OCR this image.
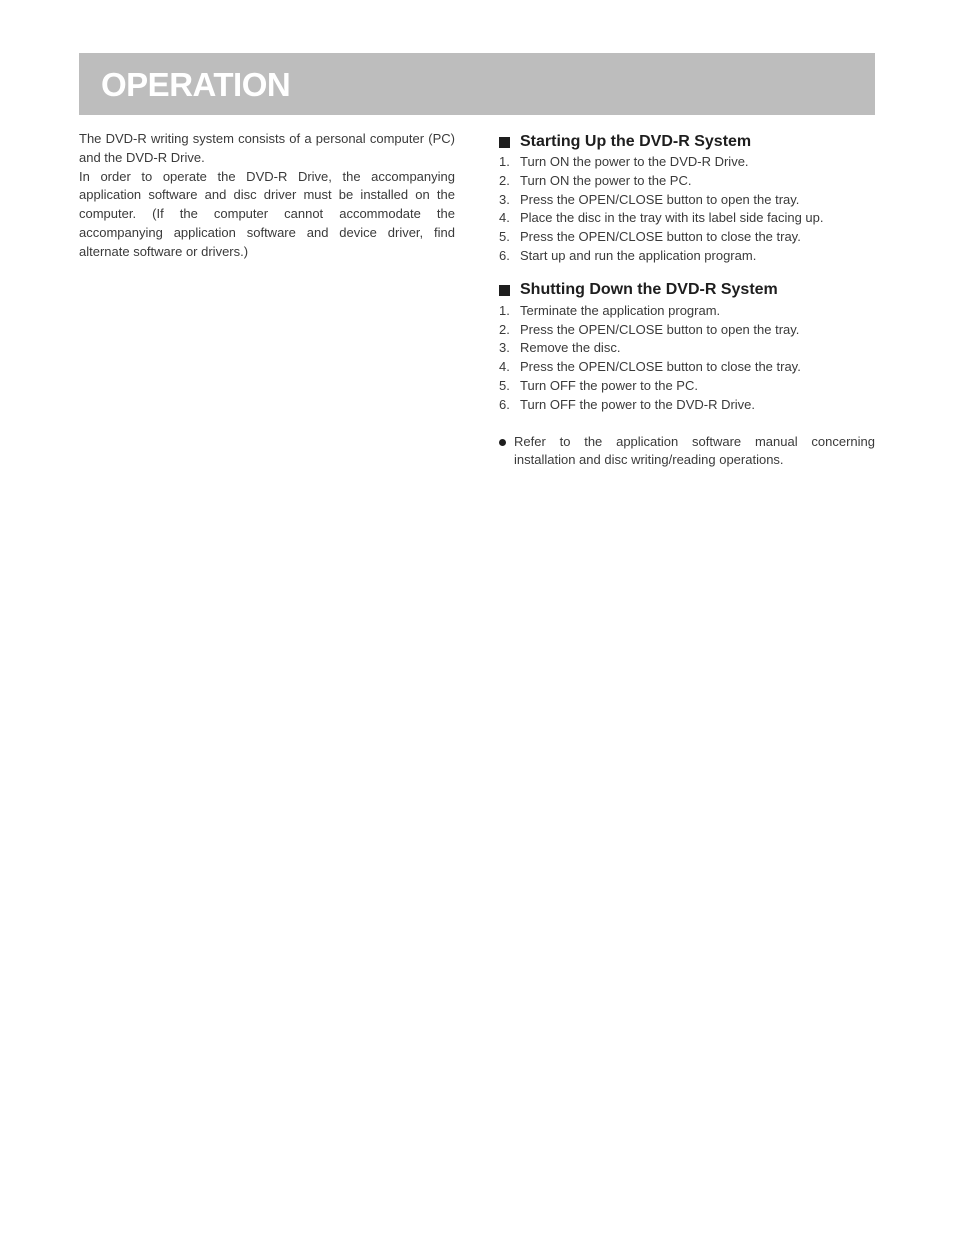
OPERATION

The DVD-R writing system consists of a personal computer (PC) and the DVD-R Drive.

In order to operate the DVD-R Drive, the accompanying application software and disc driver must be installed on the computer. (If the computer cannot accommodate the accompanying application software and device driver, find alternate software or drivers.)

Starting Up the DVD-R System
1. Turn ON the power to the DVD-R Drive.
2. Turn ON the power to the PC.
3. Press the OPEN/CLOSE button to open the tray.
4. Place the disc in the tray with its label side facing up.
5. Press the OPEN/CLOSE button to close the tray.
6. Start up and run the application program.
Shutting Down the DVD-R System
1. Terminate the application program.
2. Press the OPEN/CLOSE button to open the tray.
3. Remove the disc.
4. Press the OPEN/CLOSE button to close the tray.
5. Turn OFF the power to the PC.
6. Turn OFF the power to the DVD-R Drive.
Refer to the application software manual concerning installation and disc writing/reading operations.
